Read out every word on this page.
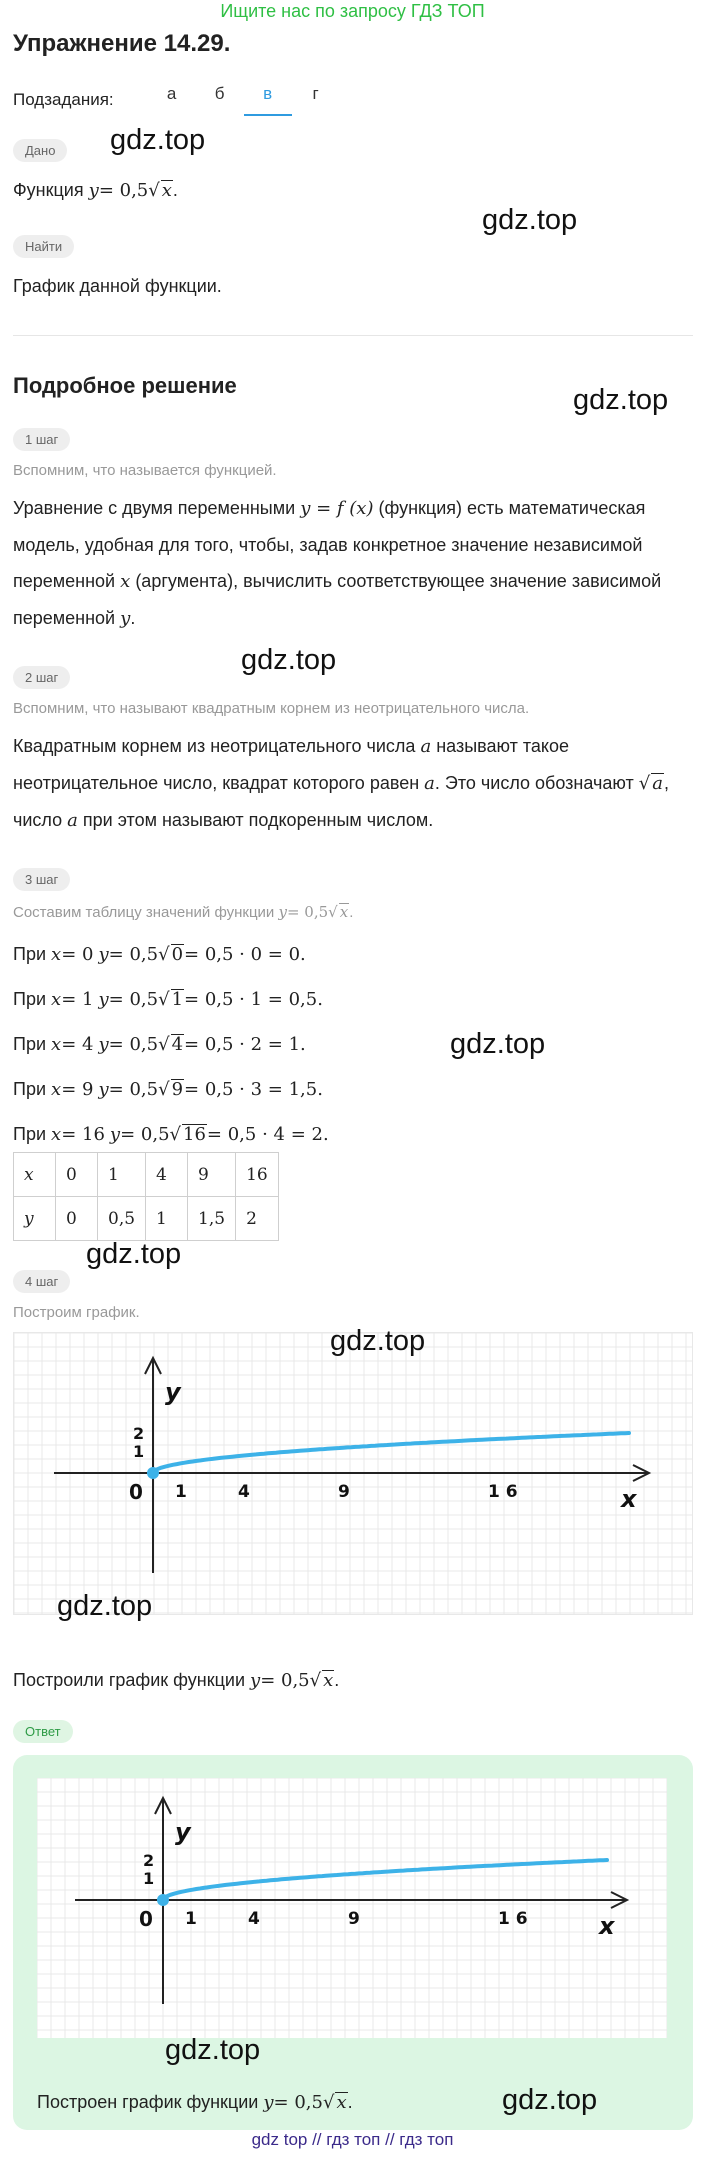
Ищите нас по запросу ГДЗ ТОП
Упражнение 14.29.
Подзадания:	а	б	в	г
Дано
Функция y= 0,5√ x.
Найти
График данной функции.
Подробное решение
1 шаг
Вспомним, что называется функцией.
Уравнение с двумя переменными y = f (x) (функция) есть математическая
модель, удобная для того, чтобы, задав конкретное значение независимой
переменной x (аргумента), вычислить соответствующее значение зависимой
переменной y.
2 шаг
Вспомним, что называют квадратным корнем из неотрицательного числа.
Квадратным корнем из неотрицательного числа a называют такое
неотрицательное число, квадрат которого равен a. Это число обозначают √ a,
число a при этом называют подкоренным числом.
3 шаг
Составим таблицу значений функции y= 0,5√ x.
При x= 0 y= 0,5√ 0= 0,5 · 0 = 0.
При x= 1 y= 0,5√ 1= 0,5 · 1 = 0,5.
При x= 4 y= 0,5√ 4= 0,5 · 2 = 1.
При x= 9 y= 0,5√ 9= 0,5 · 3 = 1,5.
При x= 16 y= 0,5√ 16= 0,5 · 4 = 2.
x	0	1	4	9	16
y	0	0,5	1	1,5	2
4 шаг
Построим график.
x
y
0 1	4	9	1 6
2
1
Построили график функции y= 0,5√ x.
Ответ
x
y
0 1	4	9	1 6
2
1
Построен график функции y= 0,5√ x.
gdz.top
gdz.top
gdz.top
gdz.top
gdz.top
gdz.top
gdz.top
gdz.top
gdz.top
gdz.top
gdz top // гдз топ // гдз топ
